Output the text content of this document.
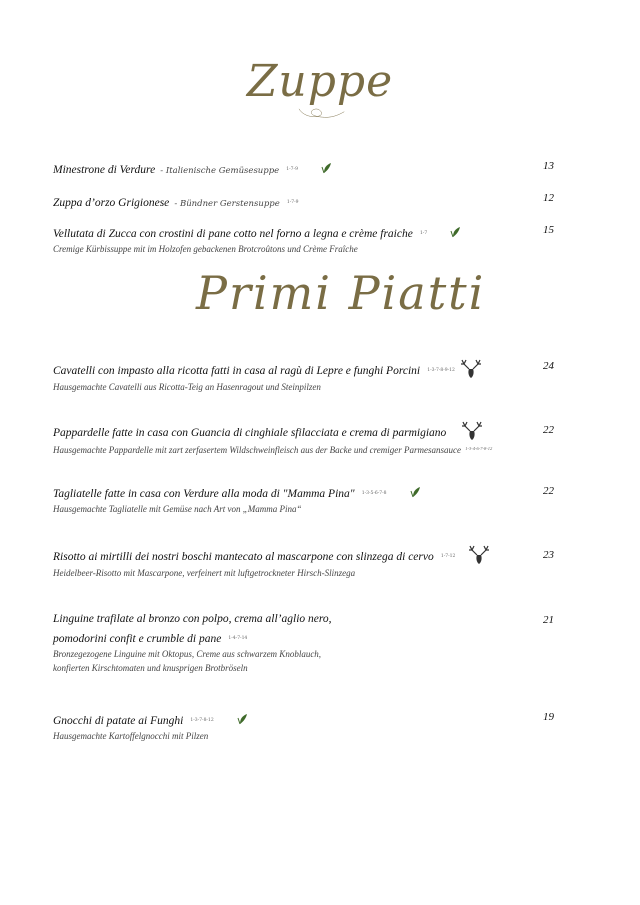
Zuppe
Minestrone di Verdure - Italienische Gemüsesuppe 1-7-9	13
Zuppa d’orzo Grigionese - Bündner Gerstensuppe 1-7-9	12
Vellutata di Zucca con crostini di pane cotto nel forno a legna e crème fraiche 1-7
Cremige Kürbissuppe mit im Holzofen gebackenen Brotcroûtons und Crème Fraîche
15
Primi Piatti
Cavatelli con impasto alla ricotta fatti in casa al ragù di Lepre e funghi Porcini 1-3-7-8-9-12
Hausgemachte Cavatelli aus Ricotta-Teig an Hasenragout und Steinpilzen
24
Pappardelle fatte in casa con Guancia di cinghiale sfilacciata e crema di parmigiano
Hausgemachte Pappardelle mit zart zerfasertem Wildschweinfleisch aus der Backe und cremiger Parmesansauce $^{1-3-4-6-7-8-12}$
22
Tagliatelle fatte in casa con Verdure alla moda di "Mamma Pina" 1-3-5-6-7-8
Hausgemachte Tagliatelle mit Gemüse nach Art von „Mamma Pina“
22
Risotto ai mirtilli dei nostri boschi mantecato al mascarpone con slinzega di cervo 1-7-12
Heidelbeer-Risotto mit Mascarpone, verfeinert mit luftgetrockneter Hirsch-Slinzega
23
Linguine trafilate al bronzo con polpo, crema all’aglio nero,
pomodorini confit e crumble di pane 1-4-7-14
Bronzegezogene Linguine mit Oktopus, Creme aus schwarzem Knoblauch,
konfierten Kirschtomaten und knusprigen Brotbröseln
21
Gnocchi di patate ai Funghi 1-3-7-8-12
Hausgemachte Kartoffelgnocchi mit Pilzen
19
